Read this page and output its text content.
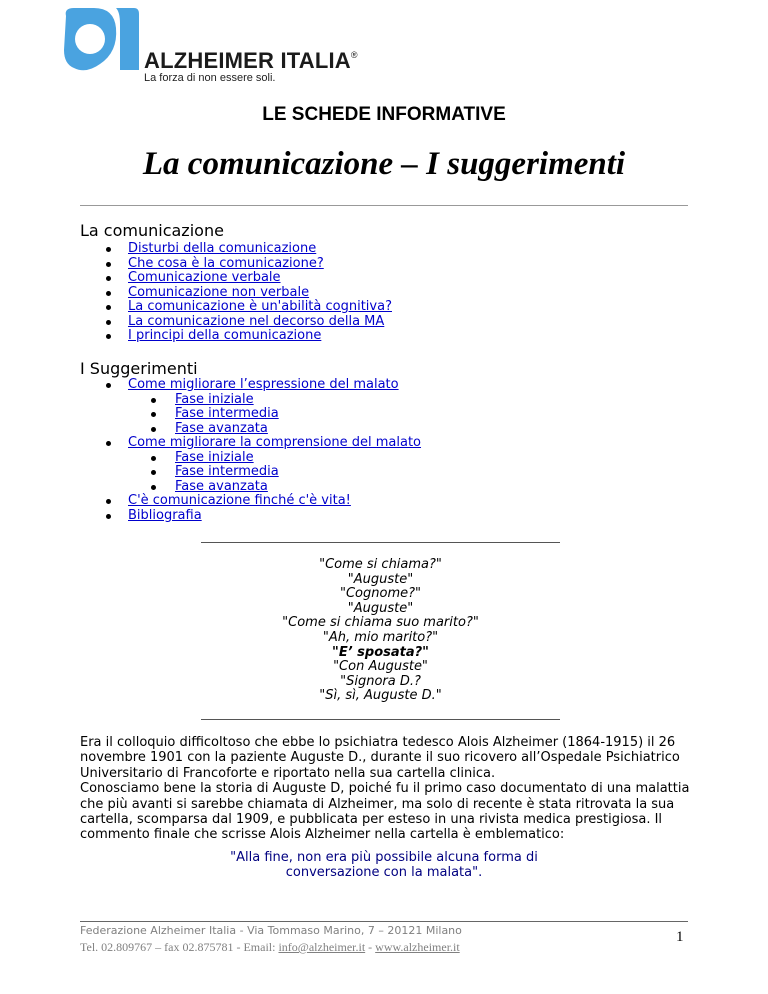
ALZHEIMER ITALIA®
La forza di non essere soli.
LE SCHEDE INFORMATIVE
La comunicazione – I suggerimenti
La comunicazione
Disturbi della comunicazione
Che cosa è la comunicazione?
Comunicazione verbale
Comunicazione non verbale
La comunicazione è un'abilità cognitiva?
La comunicazione nel decorso della MA
I principi della comunicazione
I Suggerimenti
Come migliorare l’espressione del malato
Fase iniziale
Fase intermedia
Fase avanzata
Come migliorare la comprensione del malato
Fase iniziale
Fase intermedia
Fase avanzata
C'è comunicazione finché c'è vita!
Bibliografia
"Come si chiama?"
"Auguste"
"Cognome?"
"Auguste"
"Come si chiama suo marito?"
"Ah, mio marito?"
"E’ sposata?"
"Con Auguste"
"Signora D.?
"Sì, sì, Auguste D."
Era il colloquio difficoltoso che ebbe lo psichiatra tedesco Alois Alzheimer (1864-1915) il 26 novembre 1901 con la paziente Auguste D., durante il suo ricovero all’Ospedale Psichiatrico Universitario di Francoforte e riportato nella sua cartella clinica.
Conosciamo bene la storia di Auguste D, poiché fu il primo caso documentato di una malattia che più avanti si sarebbe chiamata di Alzheimer, ma solo di recente è stata ritrovata la sua cartella, scomparsa dal 1909, e pubblicata per esteso in una rivista medica prestigiosa. Il commento finale che scrisse Alois Alzheimer nella cartella è emblematico:
"Alla fine, non era più possibile alcuna forma di
conversazione con la malata".
Federazione Alzheimer Italia - Via Tommaso Marino, 7 – 20121 Milano
Tel. 02.809767 – fax 02.875781 - Email: info@alzheimer.it - www.alzheimer.it
1
